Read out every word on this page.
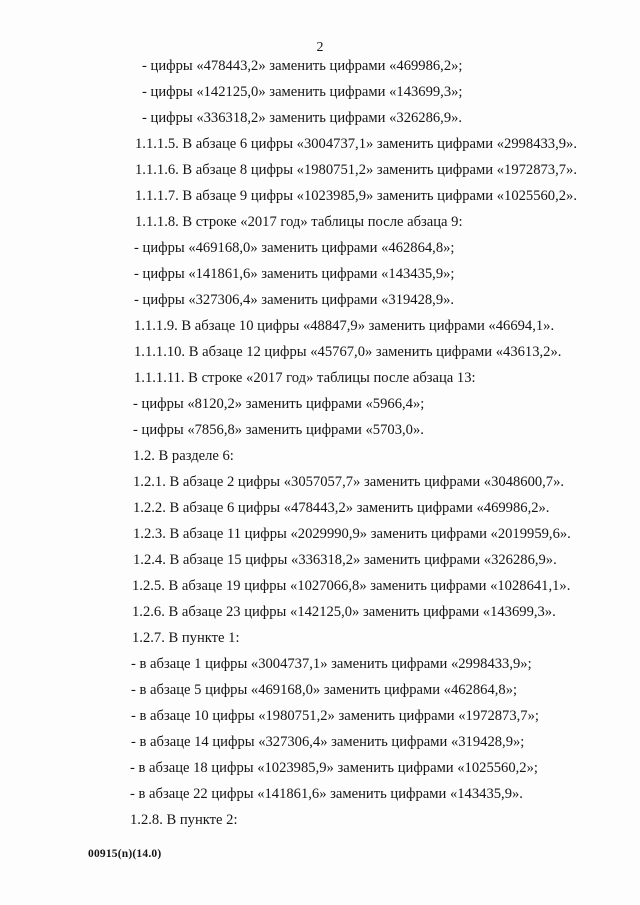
2
- цифры «478443,2» заменить цифрами «469986,2»;
- цифры «142125,0» заменить цифрами «143699,3»;
- цифры «336318,2» заменить цифрами «326286,9».
1.1.1.5. В абзаце 6 цифры «3004737,1» заменить цифрами «2998433,9».
1.1.1.6. В абзаце 8 цифры «1980751,2» заменить цифрами «1972873,7».
1.1.1.7. В абзаце 9 цифры «1023985,9» заменить цифрами «1025560,2».
1.1.1.8. В строке «2017 год» таблицы после абзаца 9:
- цифры «469168,0» заменить цифрами «462864,8»;
- цифры «141861,6» заменить цифрами «143435,9»;
- цифры «327306,4» заменить цифрами «319428,9».
1.1.1.9. В абзаце 10 цифры «48847,9» заменить цифрами «46694,1».
1.1.1.10. В абзаце 12 цифры «45767,0» заменить цифрами «43613,2».
1.1.1.11. В строке «2017 год» таблицы после абзаца 13:
- цифры «8120,2» заменить цифрами «5966,4»;
- цифры «7856,8» заменить цифрами «5703,0».
1.2. В разделе 6:
1.2.1. В абзаце 2 цифры «3057057,7» заменить цифрами «3048600,7».
1.2.2. В абзаце 6 цифры «478443,2» заменить цифрами «469986,2».
1.2.3. В абзаце 11 цифры «2029990,9» заменить цифрами «2019959,6».
1.2.4. В абзаце 15 цифры «336318,2» заменить цифрами «326286,9».
1.2.5. В абзаце 19 цифры «1027066,8» заменить цифрами «1028641,1».
1.2.6. В абзаце 23 цифры «142125,0» заменить цифрами «143699,3».
1.2.7. В пункте 1:
- в абзаце 1 цифры «3004737,1» заменить цифрами «2998433,9»;
- в абзаце 5 цифры «469168,0» заменить цифрами «462864,8»;
- в абзаце 10 цифры «1980751,2» заменить цифрами «1972873,7»;
- в абзаце 14 цифры «327306,4» заменить цифрами «319428,9»;
- в абзаце 18 цифры «1023985,9» заменить цифрами «1025560,2»;
- в абзаце 22 цифры «141861,6» заменить цифрами «143435,9».
1.2.8. В пункте 2:
00915(n)(14.0)
